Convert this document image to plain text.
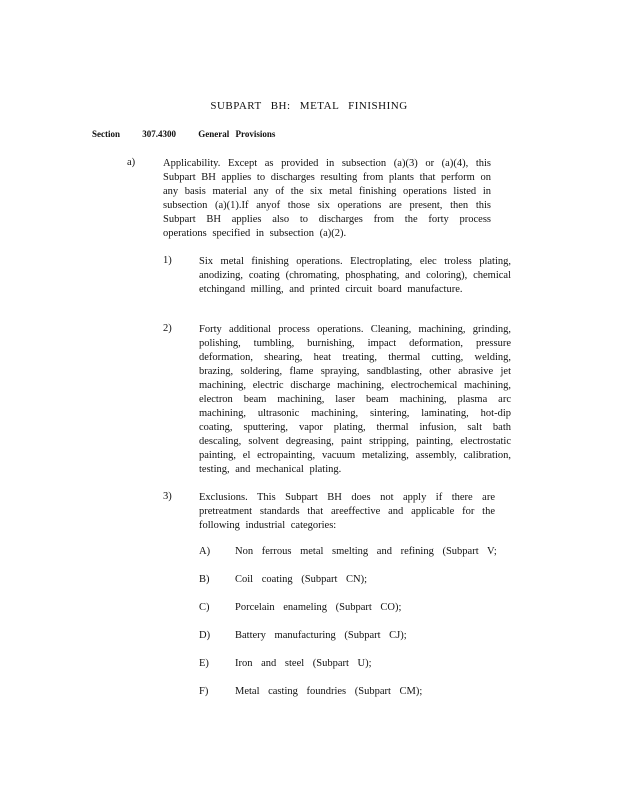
SUBPART BH: METAL FINISHING
Section 307.4300 General Provisions
a)	Applicability. Except as provided in subsection (a)(3) or (a)(4), this Subpart BH applies to discharges resulting from plants that perform on any basis material any of the six metal finishing operations listed in subsection (a)(1).If anyof those six operations are present, then this Subpart BH applies also to discharges from the forty process operations specified in subsection (a)(2).
1)	Six metal finishing operations. Electroplating, elec troless plating, anodizing, coating (chromating, phosphating, and coloring), chemical etchingand milling, and printed circuit board manufacture.
2)	Forty additional process operations. Cleaning, machining, grinding, polishing, tumbling, burnishing, impact deformation, pressure deformation, shearing, heat treating, thermal cutting, welding, brazing, soldering, flame spraying, sandblasting, other abrasive jet machining, electric discharge machining, electrochemical machining, electron beam machining, laser beam machining, plasma arc machining, ultrasonic machining, sintering, laminating, hot-dip coating, sputtering, vapor plating, thermal infusion, salt bath descaling, solvent degreasing, paint stripping, painting, electrostatic painting, el ectropainting, vacuum metalizing, assembly, calibration, testing, and mechanical plating.
3)	Exclusions. This Subpart BH does not apply if there are pretreatment standards that areeffective and applicable for the following industrial categories:
A) Non ferrous metal smelting and refining (Subpart V;
B) Coil coating (Subpart CN);
C) Porcelain enameling (Subpart CO);
D) Battery manufacturing (Subpart CJ);
E) Iron and steel (Subpart U);
F)	Metal casting foundries (Subpart CM);
